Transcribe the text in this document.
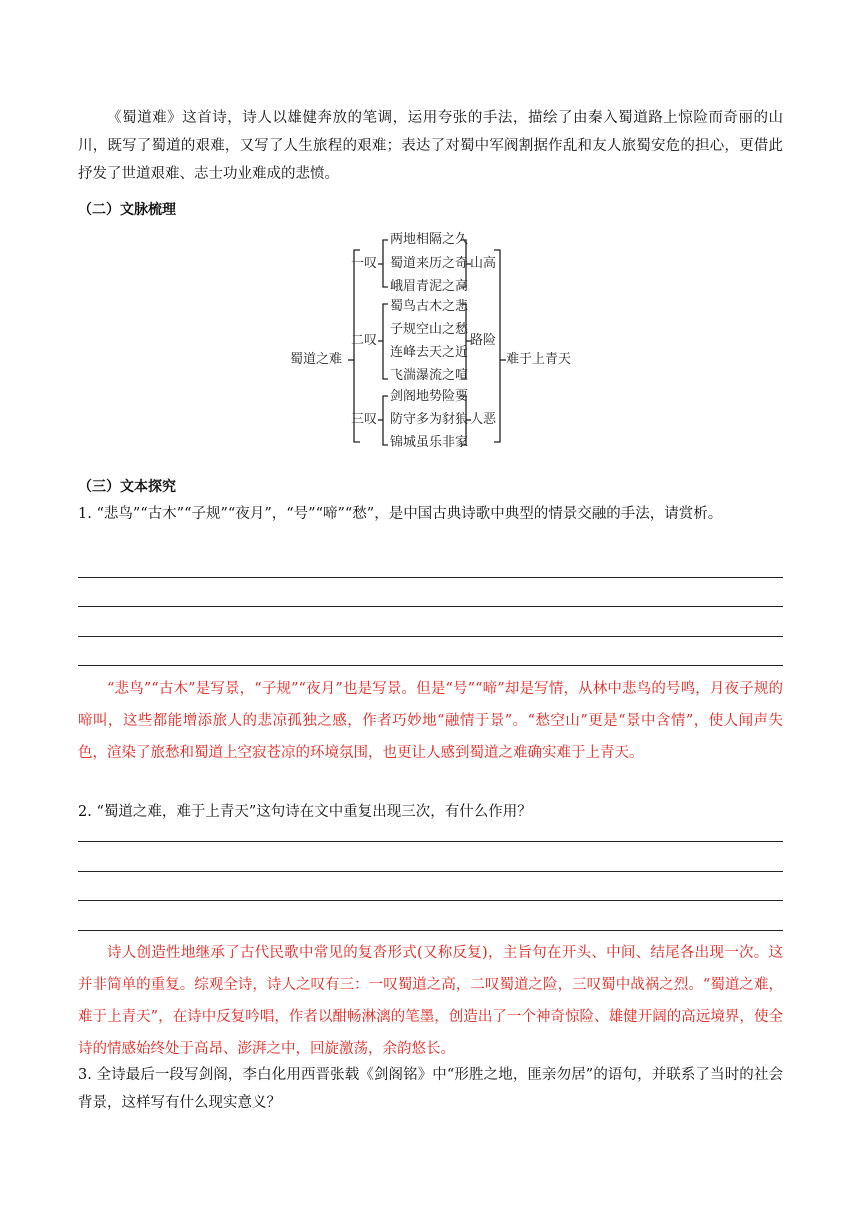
《蜀道难》这首诗，诗人以雄健奔放的笔调，运用夸张的手法，描绘了由秦入蜀道路上惊险而奇丽的山川，既写了蜀道的艰难，又写了人生旅程的艰难；表达了对蜀中军阀割据作乱和友人旅蜀安危的担心，更借此抒发了世道艰难、志士功业难成的悲愤。

（二）文脉梳理
蜀道之难	难于上青天
一叹
两地相隔之久
蜀道来历之奇
峨眉青泥之高
山高
二叹
蜀鸟古木之悲
子规空山之愁
连峰去天之近
飞湍瀑流之喧
路险
三叹
剑阁地势险要
防守多为豺狼
锦城虽乐非家
人恶
（三）文本探究

1. “悲鸟”“古木”“子规”“夜月”，“号”“啼”“愁”，是中国古典诗歌中典型的情景交融的手法，请赏析。

“悲鸟”“古木”是写景，“子规”“夜月”也是写景。但是“号”“啼”却是写情，从林中悲鸟的号鸣，月夜子规的啼叫，这些都能增添旅人的悲凉孤独之感，作者巧妙地“融情于景”。“愁空山”更是“景中含情”，使人闻声失色，渲染了旅愁和蜀道上空寂苍凉的环境氛围，也更让人感到蜀道之难确实难于上青天。

2. “蜀道之难，难于上青天”这句诗在文中重复出现三次，有什么作用？

诗人创造性地继承了古代民歌中常见的复沓形式(又称反复)，主旨句在开头、中间、结尾各出现一次。这并非简单的重复。综观全诗，诗人之叹有三：一叹蜀道之高，二叹蜀道之险，三叹蜀中战祸之烈。“蜀道之难，难于上青天”，在诗中反复吟唱，作者以酣畅淋漓的笔墨，创造出了一个神奇惊险、雄健开阔的高远境界，使全诗的情感始终处于高昂、澎湃之中，回旋激荡，余韵悠长。

3. 全诗最后一段写剑阁，李白化用西晋张载《剑阁铭》中“形胜之地，匪亲勿居”的语句，并联系了当时的社会背景，这样写有什么现实意义？
